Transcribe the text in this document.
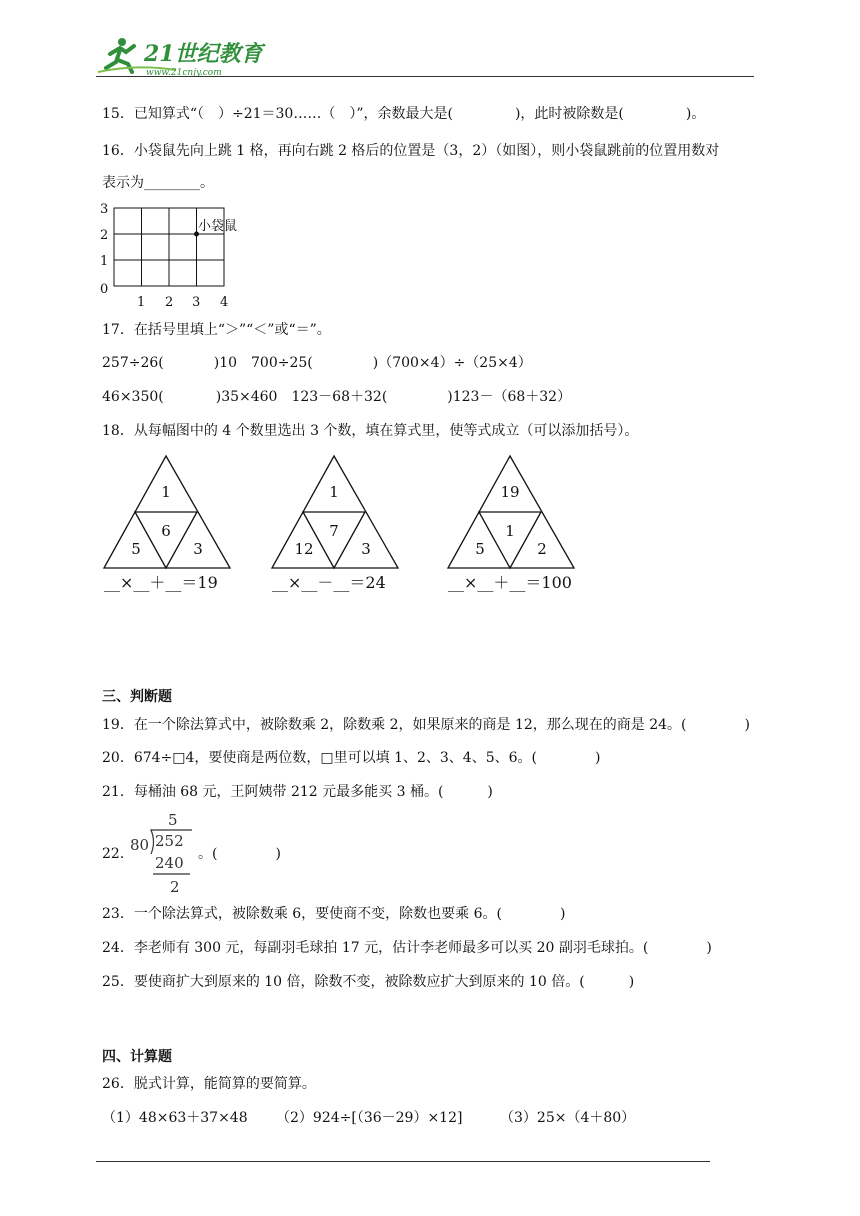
21世纪教育
www.21cnjy.com
15．已知算式“（　）÷21＝30……（　）”，余数最大是(	)，此时被除数是(	)。
16．小袋鼠先向上跳 1 格，再向右跳 2 格后的位置是（3，2）（如图），则小袋鼠跳前的位置用数对
表示为________。
3
2
1
0
1 2 3 4
小袋鼠
17．在括号里填上“＞”“＜”或“＝”。
257÷26(	)10　700÷25(	)（700×4）÷（25×4）
46×350(	)35×460　123－68＋32(	)123－（68＋32）
18．从每幅图中的 4 个数里选出 3 个数，填在算式里，使等式成立（可以添加括号）。
1
6
5	3
__×__＋__＝19
1
7
12	3
__×__－__＝24
19
1
5	2
__×__＋__＝100
三、判断题
19．在一个除法算式中，被除数乘 2，除数乘 2，如果原来的商是 12，那么现在的商是 24。(	)
20．674÷□4，要使商是两位数，□里可以填 1、2、3、4、5、6。(	)
21．每桶油 68 元，王阿姨带 212 元最多能买 3 桶。(	)
22．
5
80 252
240
2
。(	)
23．一个除法算式，被除数乘 6，要使商不变，除数也要乘 6。(	)
24．李老师有 300 元，每副羽毛球拍 17 元，估计李老师最多可以买 20 副羽毛球拍。(	)
25．要使商扩大到原来的 10 倍，除数不变，被除数应扩大到原来的 10 倍。(	)
四、计算题
26．脱式计算，能简算的要简算。
（1）48×63＋37×48 （2）924÷[（36－29）×12]	（3）25×（4＋80）
